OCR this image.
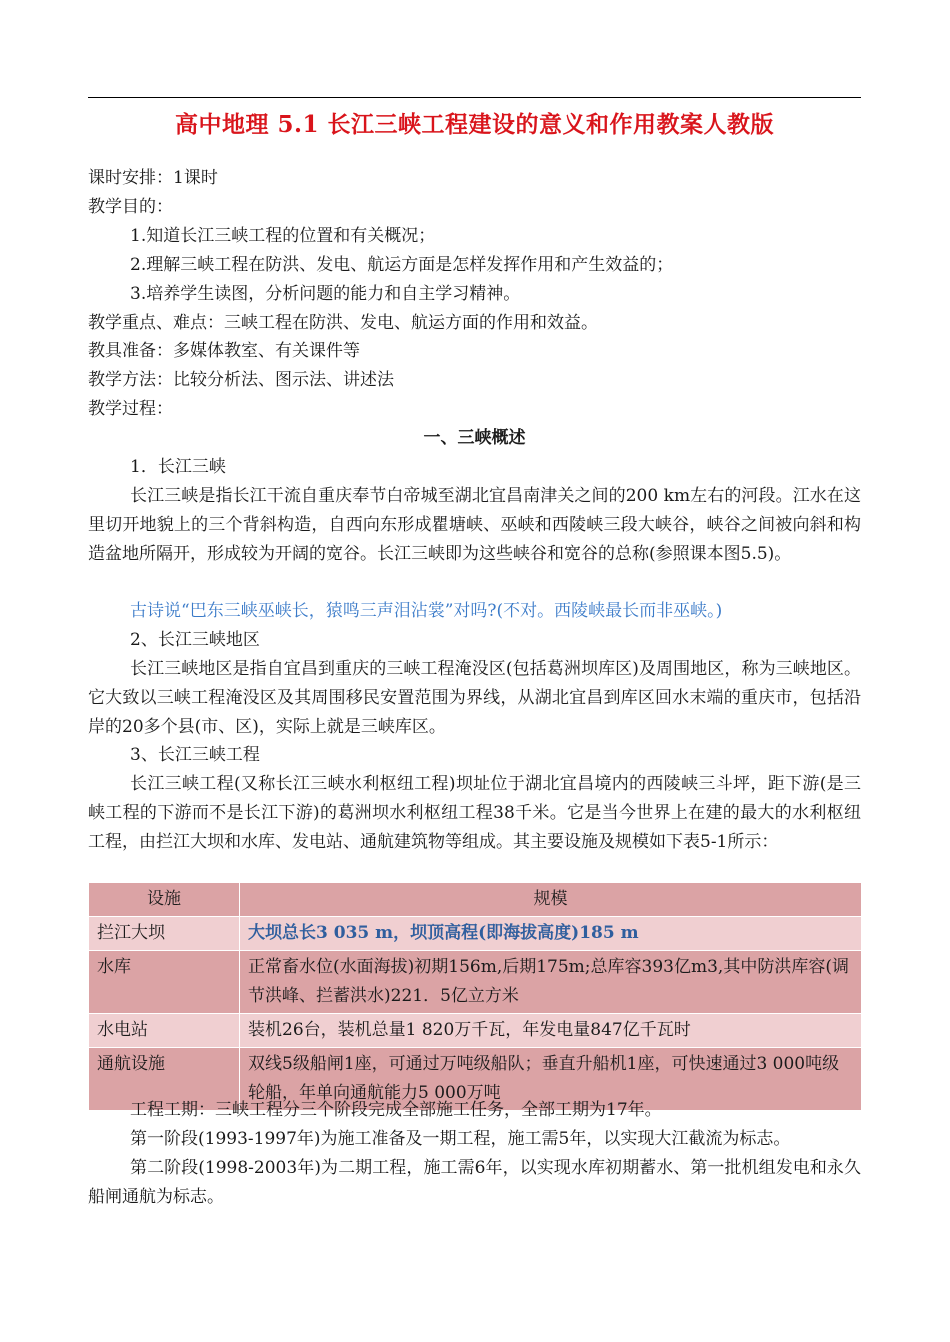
高中地理 5.1 长江三峡工程建设的意义和作用教案人教版
课时安排：1课时
教学目的：
1.知道长江三峡工程的位置和有关概况；
2.理解三峡工程在防洪、发电、航运方面是怎样发挥作用和产生效益的；
3.培养学生读图，分析问题的能力和自主学习精神。
教学重点、难点：三峡工程在防洪、发电、航运方面的作用和效益。
教具准备：多媒体教室、有关课件等
教学方法：比较分析法、图示法、讲述法
教学过程：
一、三峡概述
1．长江三峡
长江三峡是指长江干流自重庆奉节白帝城至湖北宜昌南津关之间的200 km左右的河段。江水在这里切开地貌上的三个背斜构造，自西向东形成瞿塘峡、巫峡和西陵峡三段大峡谷，峡谷之间被向斜和构造盆地所隔开，形成较为开阔的宽谷。长江三峡即为这些峡谷和宽谷的总称(参照课本图5.5)。
古诗说“巴东三峡巫峡长，猿鸣三声泪沾裳”对吗?(不对。西陵峡最长而非巫峡。)
2、长江三峡地区
长江三峡地区是指自宜昌到重庆的三峡工程淹没区(包括葛洲坝库区)及周围地区，称为三峡地区。它大致以三峡工程淹没区及其周围移民安置范围为界线，从湖北宜昌到库区回水末端的重庆市，包括沿岸的20多个县(市、区)，实际上就是三峡库区。
3、长江三峡工程
长江三峡工程(又称长江三峡水利枢纽工程)坝址位于湖北宜昌境内的西陵峡三斗坪，距下游(是三峡工程的下游而不是长江下游)的葛洲坝水利枢纽工程38千米。它是当今世界上在建的最大的水利枢纽工程，由拦江大坝和水库、发电站、通航建筑物等组成。其主要设施及规模如下表5-1所示：
设施	规模
拦江大坝	大坝总长3 035 m，坝顶高程(即海拔高度)185 m
水库	正常畜水位(水面海拔)初期156m,后期175m;总库容393亿m3,其中防洪库容(调节洪峰、拦蓄洪水)221．5亿立方米
水电站	装机26台，装机总量1 820万千瓦，年发电量847亿千瓦时
通航设施	双线5级船闸1座，可通过万吨级船队；垂直升船机1座，可快速通过3 000吨级轮船，年单向通航能力5 000万吨
工程工期：三峡工程分三个阶段完成全部施工任务，全部工期为17年。
第一阶段(1993-1997年)为施工准备及一期工程，施工需5年，以实现大江截流为标志。
第二阶段(1998-2003年)为二期工程，施工需6年，以实现水库初期蓄水、第一批机组发电和永久船闸通航为标志。
